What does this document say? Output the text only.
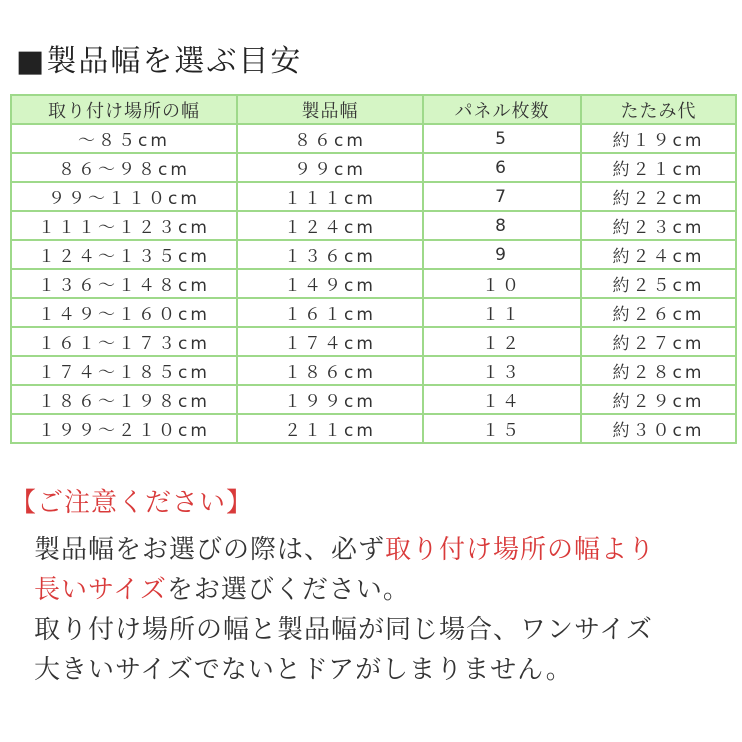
■製品幅を選ぶ目安
取り付け場所の幅	製品幅	パネル枚数	たたみ代
～８５cm	８６cm	5	約１９cm
８６～９８cm	９９cm	6	約２１cm
９９～１１０cm	１１１cm	7	約２２cm
１１１～１２３cm	１２４cm	8	約２３cm
１２４～１３５cm	１３６cm	9	約２４cm
１３６～１４８cm	１４９cm	１０	約２５cm
１４９～１６０cm	１６１cm	１１	約２６cm
１６１～１７３cm	１７４cm	１２	約２７cm
１７４～１８５cm	１８６cm	１３	約２８cm
１８６～１９８cm	１９９cm	１４	約２９cm
１９９～２１０cm	２１１cm	１５	約３０cm
【ご注意ください】

製品幅をお選びの際は、必ず取り付け場所の幅より

長いサイズをお選びください。

取り付け場所の幅と製品幅が同じ場合、ワンサイズ

大きいサイズでないとドアがしまりません。
